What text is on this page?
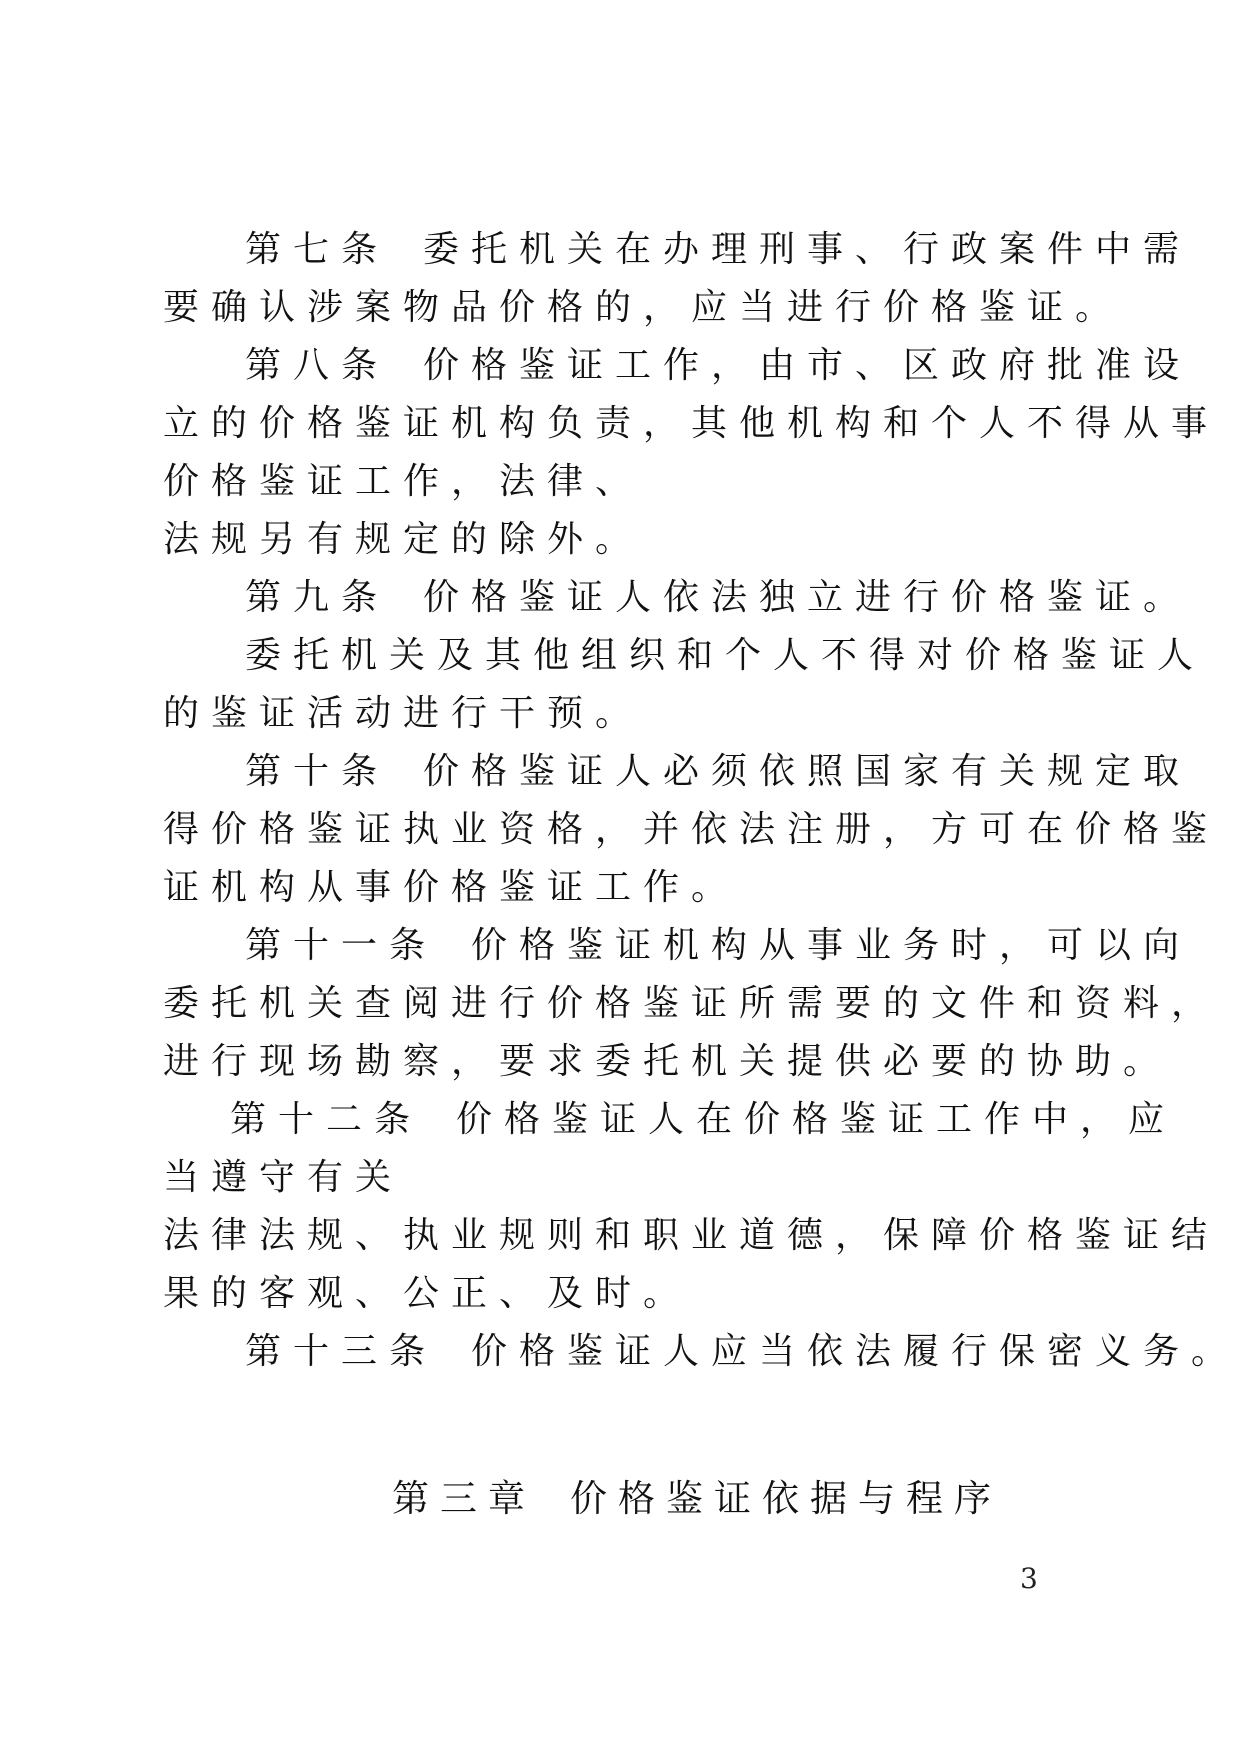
第七条 委托机关在办理刑事、行政案件中需
要确认涉案物品价格的，应当进行价格鉴证。
第八条 价格鉴证工作，由市、区政府批准设
立的价格鉴证机构负责，其他机构和个人不得从事
价格鉴证工作，法律、
法规另有规定的除外。
第九条 价格鉴证人依法独立进行价格鉴证。
委托机关及其他组织和个人不得对价格鉴证人
的鉴证活动进行干预。
第十条 价格鉴证人必须依照国家有关规定取
得价格鉴证执业资格，并依法注册，方可在价格鉴
证机构从事价格鉴证工作。
第十一条 价格鉴证机构从事业务时，可以向
委托机关查阅进行价格鉴证所需要的文件和资料，
进行现场勘察，要求委托机关提供必要的协助。
第十二条 价格鉴证人在价格鉴证工作中，应
当遵守有关
法律法规、执业规则和职业道德，保障价格鉴证结
果的客观、公正、及时。
第十三条 价格鉴证人应当依法履行保密义务。
第三章 价格鉴证依据与程序
3
